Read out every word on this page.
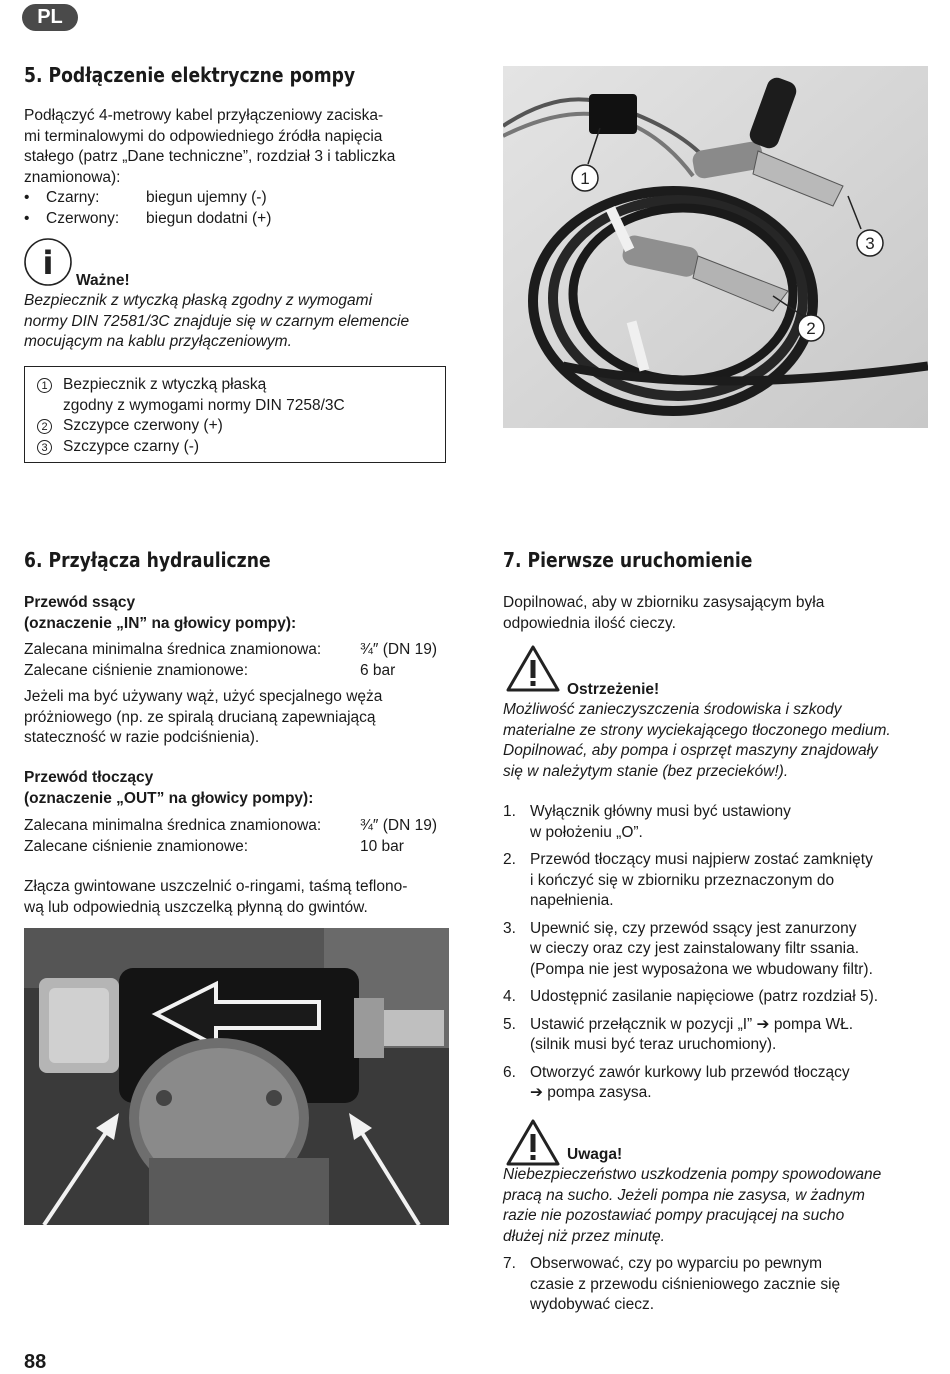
PL
5. Podłączenie elektryczne pompy

Podłączyć 4-metrowy kabel przyłączeniowy zaciska-

mi terminalowymi do odpowiedniego źródła napięcia

stałego (patrz „Dane techniczne”, rozdział 3 i tabliczka

znamionowa):

•	Czarny:	biegun ujemny (-)
•	Czerwony:	biegun dodatni (+)
i Ważne!

Bezpiecznik z wtyczką płaską zgodny z wymogami

normy DIN 72581/3C znajduje się w czarnym elemencie

mocującym na kablu przyłączeniowym.

1 Bezpiecznik z wtyczką płaską

zgodny z wymogami normy DIN 7258/3C

2 Szczypce czerwony (+)
3 Szczypce czarny (-)
1
3
2
6. Przyłącza hydrauliczne

Przewód ssący

(oznaczenie „IN” na głowicy pompy):

Zalecana minimalna średnica znamionowa:	¾″ (DN 19)
Zalecane ciśnienie znamionowe:	6 bar

Jeżeli ma być używany wąż, użyć specjalnego węża

próżniowego (np. ze spiralą drucianą zapewniającą

stateczność w razie podciśnienia).

Przewód tłoczący

(oznaczenie „OUT” na głowicy pompy):

Zalecana minimalna średnica znamionowa:	¾″ (DN 19)
Zalecane ciśnienie znamionowe:	10 bar

Złącza gwintowane uszczelnić o-ringami, taśmą teflono-

wą lub odpowiednią uszczelką płynną do gwintów.

7. Pierwsze uruchomienie

Dopilnować, aby w zbiorniku zasysającym była

odpowiednia ilość cieczy.

Ostrzeżenie!

Możliwość zanieczyszczenia środowiska i szkody

materialne ze strony wyciekającego tłoczonego medium.

Dopilnować, aby pompa i osprzęt maszyny znajdowały

się w należytym stanie (bez przecieków!).

1. Wyłącznik główny musi być ustawiony

w położeniu „O”.

2. Przewód tłoczący musi najpierw zostać zamknięty

i kończyć się w zbiorniku przeznaczonym do

napełnienia.

3. Upewnić się, czy przewód ssący jest zanurzony

w cieczy oraz czy jest zainstalowany filtr ssania.

(Pompa nie jest wyposażona we wbudowany filtr).

4. Udostępnić zasilanie napięciowe (patrz rozdział 5).

5. Ustawić przełącznik w pozycji „I” ➔ pompa WŁ.

(silnik musi być teraz uruchomiony).

6. Otworzyć zawór kurkowy lub przewód tłoczący

➔ pompa zasysa.

Uwaga!

Niebezpieczeństwo uszkodzenia pompy spowodowane

pracą na sucho. Jeżeli pompa nie zasysa, w żadnym

razie nie pozostawiać pompy pracującej na sucho

dłużej niż przez minutę.

7. Obserwować, czy po wyparciu po pewnym

czasie z przewodu ciśnieniowego zacznie się

wydobywać ciecz.

88
